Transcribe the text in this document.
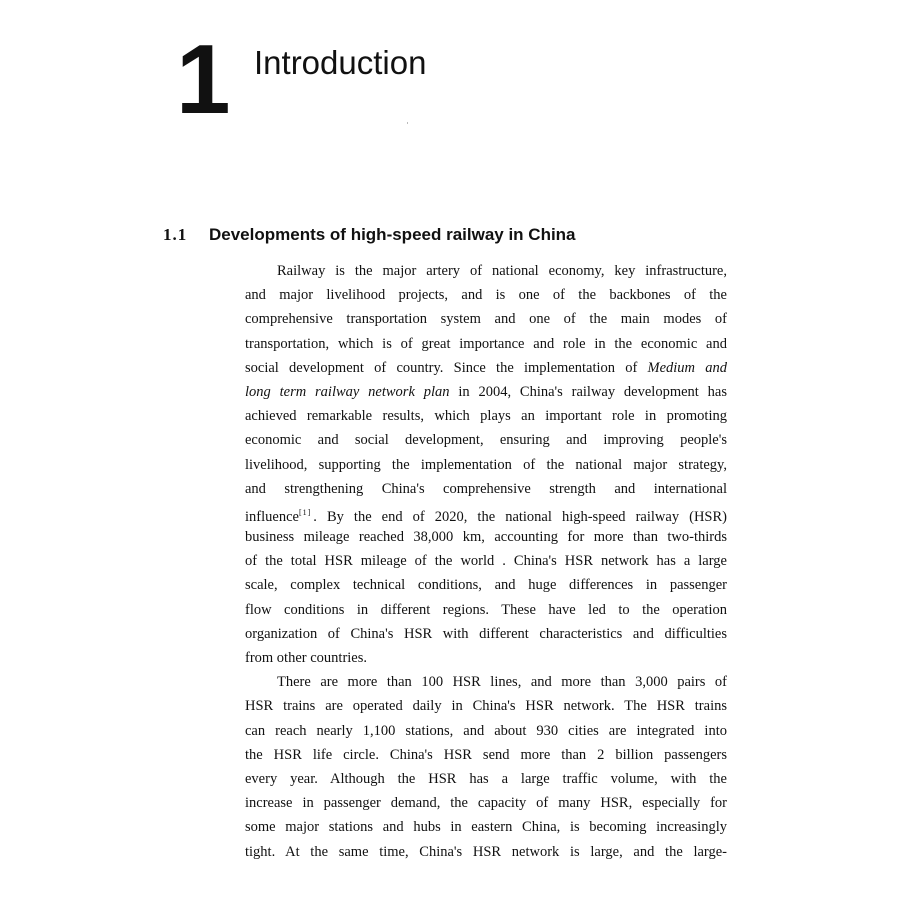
1 Introduction
1.1 Developments of high-speed railway in China
Railway is the major artery of national economy, key infrastructure,
and major livelihood projects, and is one of the backbones of the
comprehensive transportation system and one of the main modes of
transportation, which is of great importance and role in the economic and
social development of country. Since the implementation of Medium and
long term railway network plan in 2004, China's railway development has
achieved remarkable results, which plays an important role in promoting
economic and social development, ensuring and improving people's
livelihood, supporting the implementation of the national major strategy,
and strengthening China's comprehensive strength and international
influence[1] . By the end of 2020, the national high-speed railway (HSR)
business mileage reached 38,000 km, accounting for more than two-thirds
of the total HSR mileage of the world . China's HSR network has a large
scale, complex technical conditions, and huge differences in passenger
flow conditions in different regions. These have led to the operation
organization of China's HSR with different characteristics and difficulties
from other countries.
There are more than 100 HSR lines, and more than 3,000 pairs of
HSR trains are operated daily in China's HSR network. The HSR trains
can reach nearly 1,100 stations, and about 930 cities are integrated into
the HSR life circle. China's HSR send more than 2 billion passengers
every year. Although the HSR has a large traffic volume, with the
increase in passenger demand, the capacity of many HSR, especially for
some major stations and hubs in eastern China, is becoming increasingly
tight. At the same time, China's HSR network is large, and the large-
